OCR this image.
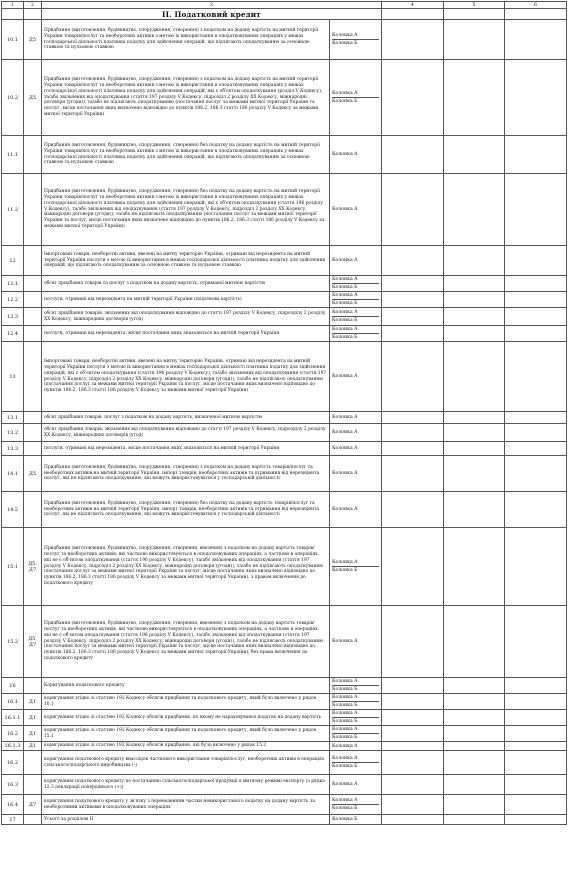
1	2	3		4	5	6
		ІІ. Податковий кредит				
10.1	Д5	Придбання (виготовлення, будівництво, спорудження, створення) з податком на додану вартість на митній території України товарів/послуг та необоротних активів з метою їх використання в оподатковуваних операціях у межах господарської діяльності платника податку для здійснення операцій, що підлягають оподаткуванню за основною ставкою та нульовою ставкою	Колонка А
Колонка Б			

10.2	Д5	Придбання (виготовлення, будівництво, спорудження, створення) з податком на додану вартість на митній території України товарів/послуг та необоротних активів з метою їх використання в оподатковуваних операціях у межах господарської діяльності платника податку для здійснення операцій, які є об'єктом оподаткування (розділ V Кодексу), та/або звільнених від оподаткування (стаття 197 розділу V Кодексу, підрозділ 2 розділу XX Кодексу, міжнародні договори (угоди)), та/або не підлягають оподаткуванню (постачання послуг за межами митної території України та послуг, місце постачання яких визначено відповідно до пунктів 186.2, 186.3 статті 186 розділу V Кодексу за межами митної території України)	Колонка А
Колонка Б			

11.1		Придбання (виготовлення, будівництво, спорудження, створення) без податку на додану вартість на митній території України товарів/послуг та необоротних активів з метою їх використання в оподатковуваних операціях у межах господарської діяльності платника податку для здійснення операцій, що підлягають оподаткуванню за основною ставкою та нульовою ставкою	Колонка А			

11.2		Придбання (виготовлення, будівництво, спорудження, створення) без податку на додану вартість на митній території України товарів/послуг та необоротних активів з метою їх використання в оподатковуваних операціях у межах господарської діяльності платника податку для здійснення операцій, які є об'єктом оподаткування (стаття 196 розділу V Кодексу), та/або звільнених від оподаткування (стаття 197 розділу V Кодексу, підрозділ 2 розділу XX Кодексу, міжнародні договори (угоди)), та/або не підлягають оподаткуванню (постачання послуг за межами митної території України та послуг, місце постачання яких визначено відповідно до пунктів 186.2, 186.3 статті 186 розділу V Кодексу за межами митної території України)	Колонка А			

12		Імпортовані товари, необоротні активи, ввезені на митну територію України, отримані від нерезидента на митній території України послуги з метою їх використання в межах господарської діяльності платника податку для здійснення операцій, що підлягають оподаткуванню за основною ставкою та нульовою ставкою	Колонка А			

12.1		обсяг придбаних товарів та послуг з податком на додану вартість, отриманої митною вартістю	Колонка А
Колонка Б			

12.2		послуги, отримані від нерезидента на митній території України (податкова вартість)	Колонка А
Колонка Б			

12.3		обсяг придбання товарів, звільнених від оподаткування відповідно до статті 197 розділу V Кодексу, підрозділу 2 розділу XX Кодексу, міжнародних договорів (угод)	Колонка А
Колонка Б			

12.4		послуги, отримані від нерезидента, місце постачання яких знаходиться на митній території України	Колонка А
Колонка Б			

13		Імпортовані товари, необоротні активи, ввезені на митну територію України, отримані від нерезидента на митній території України послуги з метою їх використання в межах господарської діяльності платника податку для здійснення операцій, які є об'єктом оподаткування (стаття 196 розділу V Кодексу), та/або звільнених від оподаткування (стаття 197 розділу V Кодексу, підрозділ 2 розділу XX Кодексу, міжнародні договори (угоди)), та/або не підлягають оподаткуванню (постачання послуг за межами митної території України та послуг, місце постачання яких визначено відповідно до пунктів 186.2, 186.3 статті 186 розділу V Кодексу за межами митної території України)	Колонка А			

13.1		обсяг придбаних товарів, послуг з податком на додану вартість, визначеної митною вартістю	Колонка А			

13.2		обсяг придбання товарів, звільнених від оподаткування відповідно до статті 197 розділу V Кодексу, підрозділу 2 розділу XX Кодексу, міжнародних договорів (угод)	Колонка А			

13.3		послуги, отримані від нерезидента, місце постачання яких знаходиться на митній території України	Колонка А			

14.1	Д5	Придбання (виготовлення, будівництво, спорудження, створення) з податком на додану вартість товарів/послуг та необоротних активів на митній території України, імпорт товарів, необоротних активів та отримання від нерезидента послуг, які не підлягають оподаткуванню, які можуть використовуватися у господарській діяльності	Колонка А			

14.2		Придбання (виготовлення, будівництво, спорудження, створення) без податку на додану вартість товарів/послуг та необоротних активів на митній території України, імпорт товарів, необоротних активів та отримання від нерезидента послуг, які не підлягають оподаткуванню, які можуть використовуватися у господарській діяльності	Колонка А			

15.1	Д5, Д7	Придбання (виготовлення, будівництво, спорудження, створення, ввезення) з податком на додану вартість товарів/послуг та необоротних активів, які частково використовуються в оподатковуваних операціях, а частково в операціях, які не є об'єктом оподаткування (стаття 196 розділу V Кодексу), та/або звільнених від оподаткування (стаття 197 розділу V Кодексу, підрозділ 2 розділу XX Кодексу, міжнародні договори (угоди)), та/або не підлягають оподаткуванню (постачання послуг за межами митної території України та послуг, місце постачання яких визначено відповідно до пунктів 186.2, 186.3 статті 186 розділу V Кодексу за межами митної території України), з правом включення до податкового кредиту	Колонка А
Колонка Б			

15.2	Д5, Д7	Придбання (виготовлення, будівництво, спорудження, створення, ввезення) з податком на додану вартість товарів/послуг та необоротних активів, які частково використовуються в оподатковуваних операціях, а частково в операціях, які не є об'єктом оподаткування (стаття 196 розділу V Кодексу), та/або звільнених від оподаткування (стаття 197 розділу V Кодексу, підрозділ 2 розділу XX Кодексу, міжнародні договори (угоди)), та/або не підлягають оподаткуванню (постачання послуг за межами митної території України та послуг, місце постачання яких визначено відповідно до пунктів 186.2, 186.3 статті 186 розділу V Кодексу за межами митної території України), без права включення до податкового кредиту	Колонка А			

16		Коригування податкового кредиту	Колонка А
Колонка Б			

16.1	Д1	коригування згідно зі статтею 192 Кодексу обсягів придбання та податкового кредиту, який було включено у рядок 10.1	Колонка А
Колонка Б			

16.1.1	Д1	коригування згідно зі статтею 192 Кодексу обсягів придбання, по якому не нараховувався податок на додану вартість	Колонка А
Колонка Б			

16.2	Д1	коригування згідно зі статтею 192 Кодексу обсягів придбання та податкового кредиту, який було включено у рядок 15.1	Колонка А
Колонка Б			

16.1.3	Д1	коригування згідно зі статтею 192 Кодексу обсягів придбання, які було включено у рядок 15.2	Колонка А			

16.2		коригування податкового кредиту внаслідок часткового використання товарів/послуг, необоротних активів в операціях сільськогосподарського виробництва (-)	Колонка А
Колонка Б			

16.3		коригування податкового кредиту по постачанню сільськогосподарської продукції в митному режимі експорту (з рядка 12.3 декларації попереднього (+))	Колонка А			

16.4	Д7	коригування податкового кредиту у зв'язку з переведенням частки невикористаного податку на додану вартість за необоротними активами в оподатковуваних операціях	Колонка А
Колонка Б			

17		Усього за розділом ІІ	Колонка Б			
